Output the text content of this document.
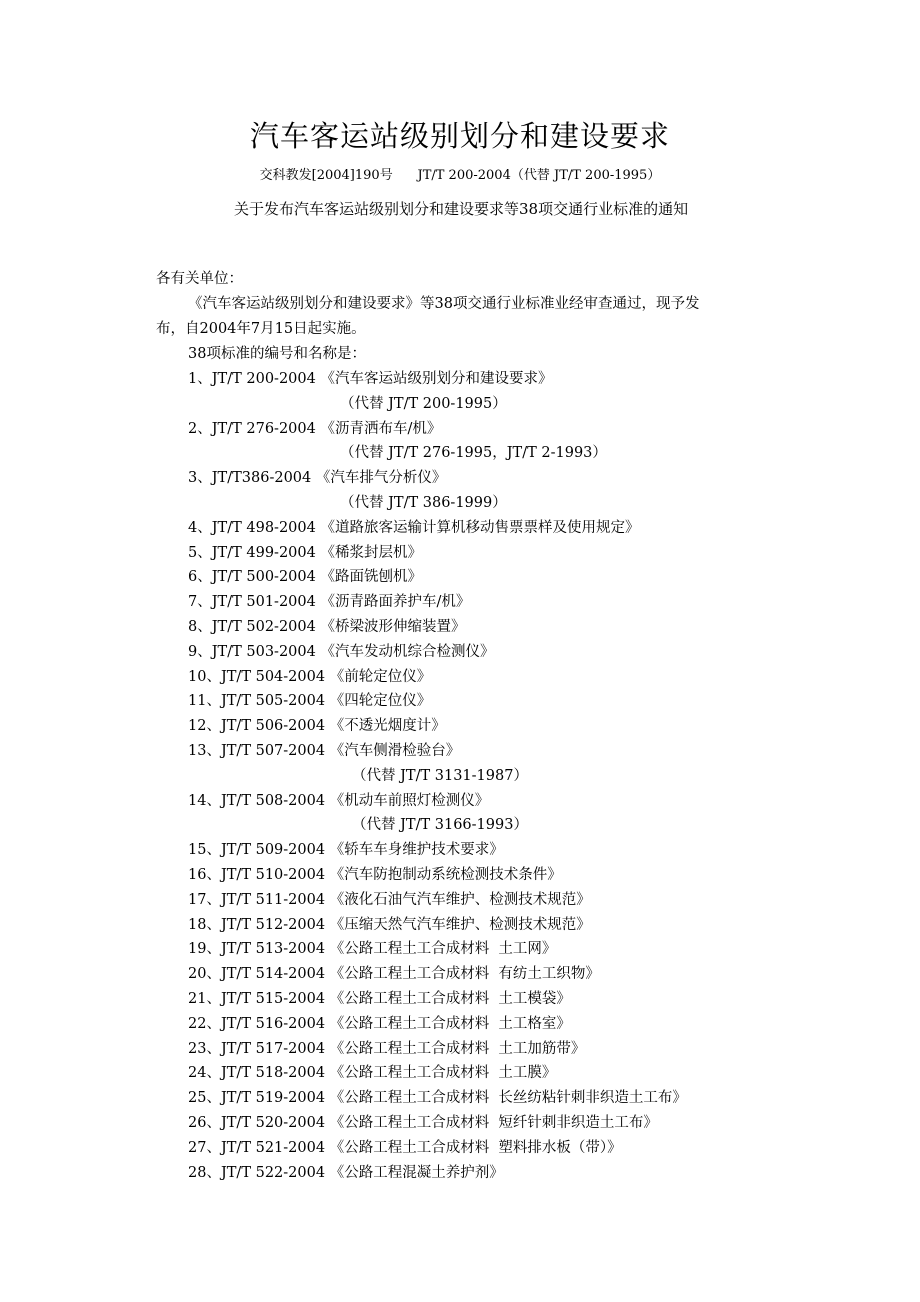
汽车客运站级别划分和建设要求
交科教发[2004]190号      JT/T 200-2004（代替 JT/T 200-1995）
关于发布汽车客运站级别划分和建设要求等38项交通行业标准的通知
各有关单位：
《汽车客运站级别划分和建设要求》等38项交通行业标准业经审查通过，现予发
布，自2004年7月15日起实施。
38项标准的编号和名称是：
1、JT/T 200-2004 《汽车客运站级别划分和建设要求》
（代替 JT/T 200-1995）
2、JT/T 276-2004 《沥青洒布车/机》
（代替 JT/T 276-1995，JT/T 2-1993）
3、JT/T386-2004 《汽车排气分析仪》
（代替 JT/T 386-1999）
4、JT/T 498-2004 《道路旅客运输计算机移动售票票样及使用规定》
5、JT/T 499-2004 《稀浆封层机》
6、JT/T 500-2004 《路面铣刨机》
7、JT/T 501-2004 《沥青路面养护车/机》
8、JT/T 502-2004 《桥梁波形伸缩装置》
9、JT/T 503-2004 《汽车发动机综合检测仪》
10、JT/T 504-2004 《前轮定位仪》
11、JT/T 505-2004 《四轮定位仪》
12、JT/T 506-2004 《不透光烟度计》
13、JT/T 507-2004 《汽车侧滑检验台》
（代替 JT/T 3131-1987）
14、JT/T 508-2004 《机动车前照灯检测仪》
（代替 JT/T 3166-1993）
15、JT/T 509-2004 《轿车车身维护技术要求》
16、JT/T 510-2004 《汽车防抱制动系统检测技术条件》
17、JT/T 511-2004 《液化石油气汽车维护、检测技术规范》
18、JT/T 512-2004 《压缩天然气汽车维护、检测技术规范》
19、JT/T 513-2004 《公路工程土工合成材料  土工网》
20、JT/T 514-2004 《公路工程土工合成材料  有纺土工织物》
21、JT/T 515-2004 《公路工程土工合成材料  土工模袋》
22、JT/T 516-2004 《公路工程土工合成材料  土工格室》
23、JT/T 517-2004 《公路工程土工合成材料  土工加筋带》
24、JT/T 518-2004 《公路工程土工合成材料  土工膜》
25、JT/T 519-2004 《公路工程土工合成材料  长丝纺粘针刺非织造土工布》
26、JT/T 520-2004 《公路工程土工合成材料  短纤针刺非织造土工布》
27、JT/T 521-2004 《公路工程土工合成材料  塑料排水板（带）》
28、JT/T 522-2004 《公路工程混凝土养护剂》
